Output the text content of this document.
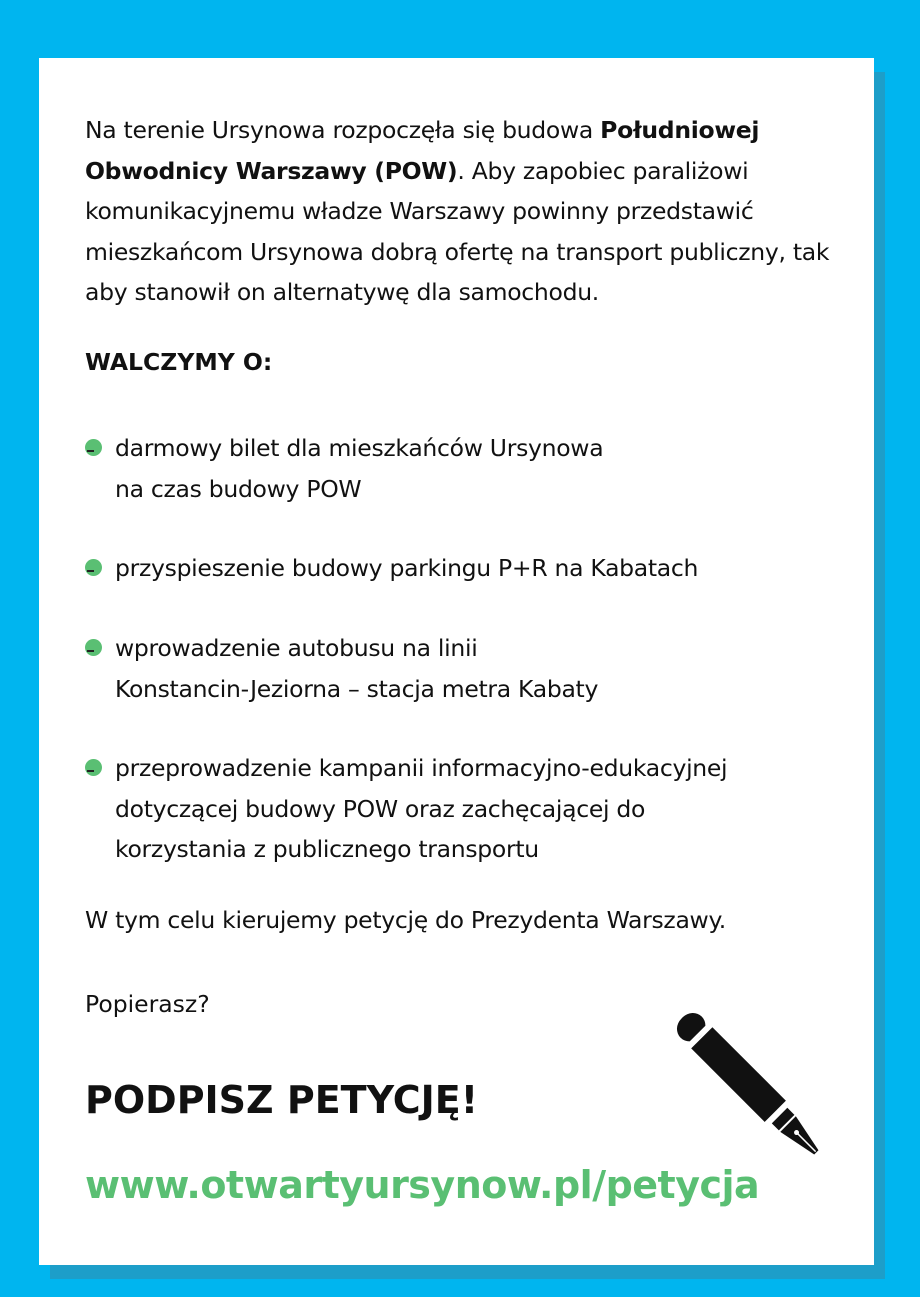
Na terenie Ursynowa rozpoczęła się budowa Południowej Obwodnicy Warszawy (POW). Aby zapobiec paraliżowi komunikacyjnemu władze Warszawy powinny przedstawić mieszkańcom Ursynowa dobrą ofertę na transport publiczny, tak aby stanowił on alternatywę dla samochodu.

WALCZYMY O:

darmowy bilet dla mieszkańców Ursynowa
na czas budowy POW
przyspieszenie budowy parkingu P+R na Kabatach
wprowadzenie autobusu na linii
Konstancin-Jeziorna – stacja metra Kabaty
przeprowadzenie kampanii informacyjno-edukacyjnej
dotyczącej budowy POW oraz zachęcającej do
korzystania z publicznego transportu

W tym celu kierujemy petycję do Prezydenta Warszawy.

Popierasz?

PODPISZ PETYCJĘ!

www.otwartyursynow.pl/petycja
